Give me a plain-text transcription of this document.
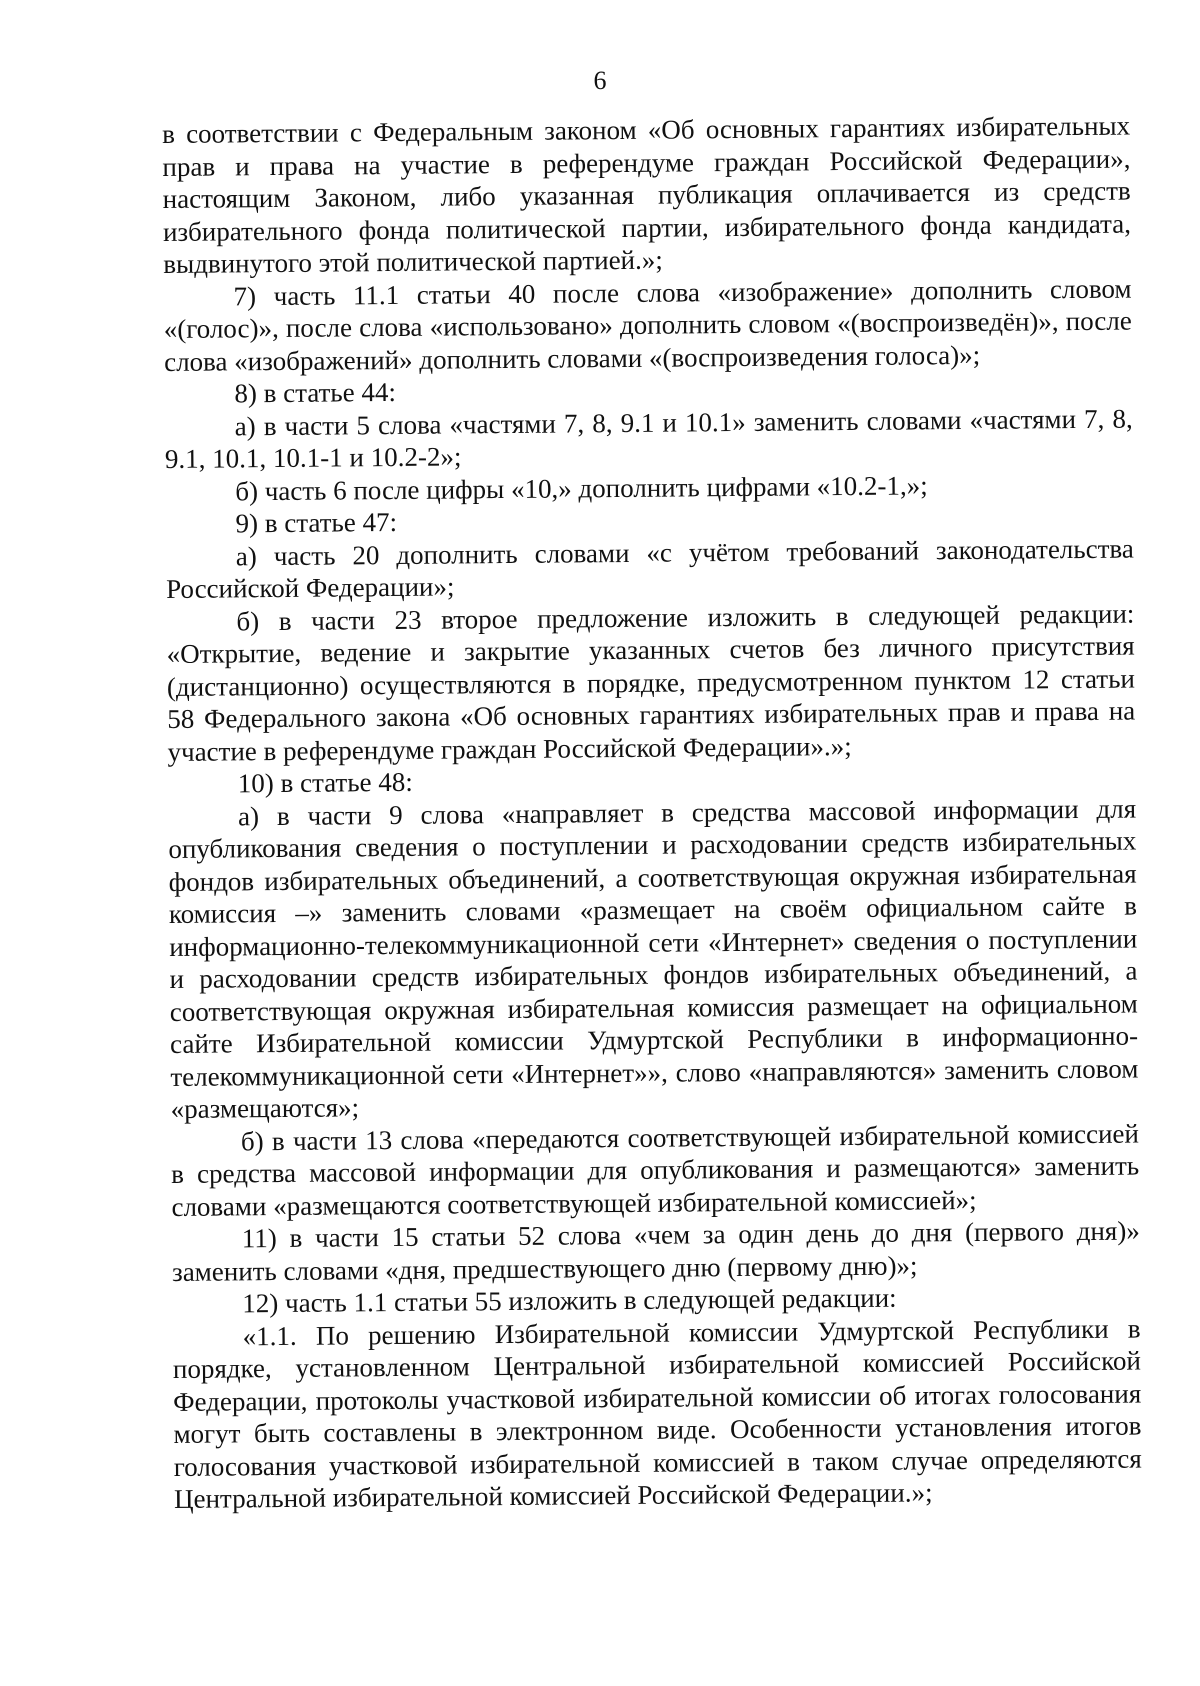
6

в соответствии с Федеральным законом «Об основных гарантиях избирательных прав и права на участие в референдуме граждан Российской Федерации», настоящим Законом, либо указанная публикация оплачивается из средств избирательного фонда политической партии, избирательного фонда кандидата, выдвинутого этой политической партией.»;

7) часть 11.1 статьи 40 после слова «изображение» дополнить словом «(голос)», после слова «использовано» дополнить словом «(воспроизведён)», после слова «изображений» дополнить словами «(воспроизведения голоса)»;

8) в статье 44:

а) в части 5 слова «частями 7, 8, 9.1 и 10.1» заменить словами «частями 7, 8, 9.1, 10.1, 10.1-1 и 10.2-2»;

б) часть 6 после цифры «10,» дополнить цифрами «10.2-1,»;

9) в статье 47:

а) часть 20 дополнить словами «с учётом требований законодательства Российской Федерации»;

б) в части 23 второе предложение изложить в следующей редакции: «Открытие, ведение и закрытие указанных счетов без личного присутствия (дистанционно) осуществляются в порядке, предусмотренном пунктом 12 статьи 58 Федерального закона «Об основных гарантиях избирательных прав и права на участие в референдуме граждан Российской Федерации».»;

10) в статье 48:

а) в части 9 слова «направляет в средства массовой информации для опубликования сведения о поступлении и расходовании средств избирательных фондов избирательных объединений, а соответствующая окружная избирательная комиссия –» заменить словами «размещает на своём официальном сайте в информационно-телекоммуникационной сети «Интернет» сведения о поступлении и расходовании средств избирательных фондов избирательных объединений, а соответствующая окружная избирательная комиссия размещает на официальном сайте Избирательной комиссии Удмуртской Республики в информационно-телекоммуникационной сети «Интернет»», слово «направляются» заменить словом «размещаются»;

б) в части 13 слова «передаются соответствующей избирательной комиссией в средства массовой информации для опубликования и размещаются» заменить словами «размещаются соответствующей избирательной комиссией»;

11) в части 15 статьи 52 слова «чем за один день до дня (первого дня)» заменить словами «дня, предшествующего дню (первому дню)»;

12) часть 1.1 статьи 55 изложить в следующей редакции:

«1.1. По решению Избирательной комиссии Удмуртской Республики в порядке, установленном Центральной избирательной комиссией Российской Федерации, протоколы участковой избирательной комиссии об итогах голосования могут быть составлены в электронном виде. Особенности установления итогов голосования участковой избирательной комиссией в таком случае определяются Центральной избирательной комиссией Российской Федерации.»;
